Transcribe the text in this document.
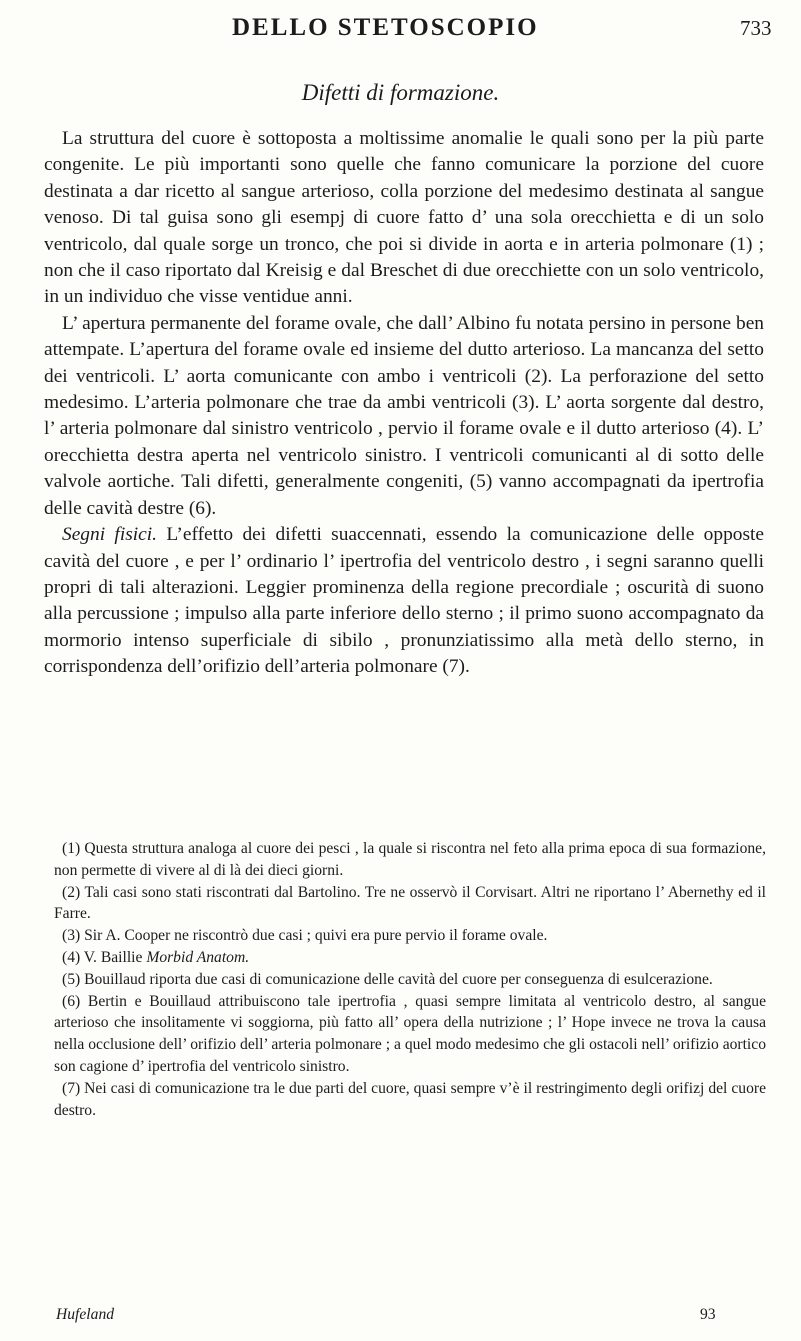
DELLO STETOSCOPIO	733
Difetti di formazione.

La struttura del cuore è sottoposta a moltissime anomalie le quali sono per la più parte congenite. Le più importanti sono quelle che fanno comunicare la porzione del cuore destinata a dar ricetto al sangue arterioso, colla porzione del medesimo destinata al sangue venoso. Di tal guisa sono gli esempj di cuore fatto d’ una sola orecchietta e di un solo ventricolo, dal quale sorge un tronco, che poi si divide in aorta e in arteria polmonare (1) ; non che il caso riportato dal Kreisig e dal Breschet di due orecchiette con un solo ventricolo, in un individuo che visse ventidue anni.

L’ apertura permanente del forame ovale, che dall’ Albino fu notata persino in persone ben attempate. L’apertura del forame ovale ed insieme del dutto arterioso. La mancanza del setto dei ventricoli. L’ aorta comunicante con ambo i ventricoli (2). La perforazione del setto medesimo. L’arteria polmonare che trae da ambi ventricoli (3). L’ aorta sorgente dal destro, l’ arteria polmonare dal sinistro ventricolo , pervio il forame ovale e il dutto arterioso (4). L’ orecchietta destra aperta nel ventricolo sinistro. I ventricoli comunicanti al di sotto delle valvole aortiche. Tali difetti, generalmente congeniti, (5) vanno accompagnati da ipertrofia delle cavità destre (6).

Segni fisici. L’effetto dei difetti suaccennati, essendo la comunicazione delle opposte cavità del cuore , e per l’ ordinario l’ ipertrofia del ventricolo destro , i segni saranno quelli propri di tali alterazioni. Leggier prominenza della regione precordiale ; oscurità di suono alla percussione ; impulso alla parte inferiore dello sterno ; il primo suono accompagnato da mormorio intenso superficiale di sibilo , pronunziatissimo alla metà dello sterno, in corrispondenza dell’orifizio dell’arteria polmonare (7).

(1) Questa struttura analoga al cuore dei pesci , la quale si riscontra nel feto alla prima epoca di sua formazione, non permette di vivere al di là dei dieci giorni.

(2) Tali casi sono stati riscontrati dal Bartolino. Tre ne osservò il Corvisart. Altri ne riportano l’ Abernethy ed il Farre.

(3) Sir A. Cooper ne riscontrò due casi ; quivi era pure pervio il forame ovale.

(4) V. Baillie Morbid Anatom.

(5) Bouillaud riporta due casi di comunicazione delle cavità del cuore per conseguenza di esulcerazione.

(6) Bertin e Bouillaud attribuiscono tale ipertrofia , quasi sempre limitata al ventricolo destro, al sangue arterioso che insolitamente vi soggiorna, più fatto all’ opera della nutrizione ; l’ Hope invece ne trova la causa nella occlusione dell’ orifizio dell’ arteria polmonare ; a quel modo medesimo che gli ostacoli nell’ orifizio aortico son cagione d’ ipertrofia del ventricolo sinistro.

(7) Nei casi di comunicazione tra le due parti del cuore, quasi sempre v’è il restringimento degli orifizj del cuore destro.

Hufeland	93
